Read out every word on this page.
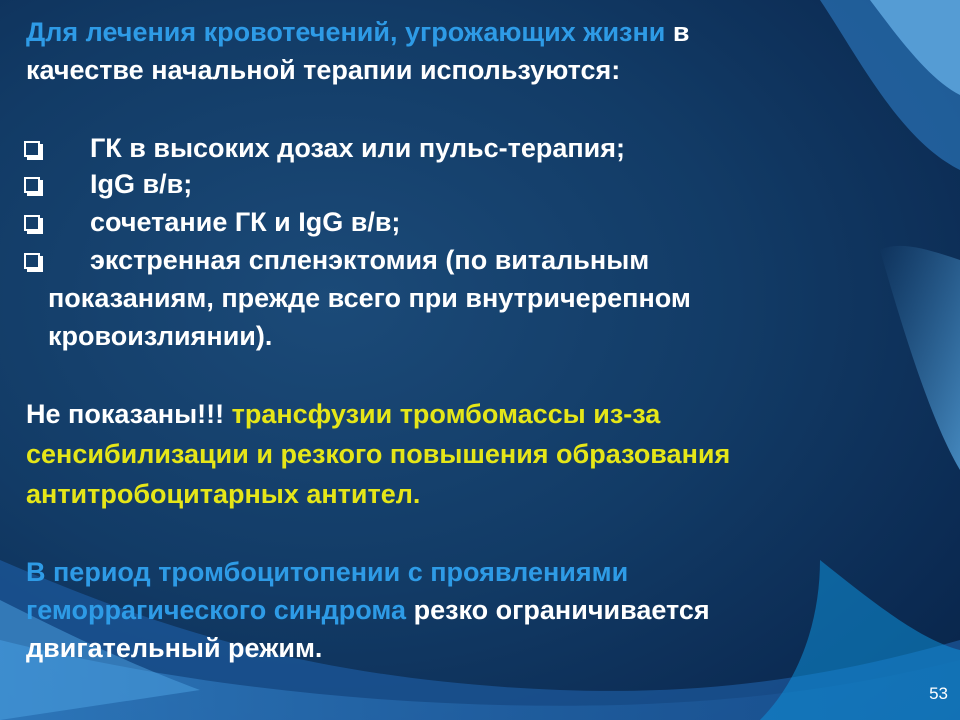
Для лечения кровотечений, угрожающих жизни в
качестве начальной терапии используются:
ГК в высоких дозах или пульс-терапия;
IgG в/в;
сочетание ГК и IgG в/в;
экстренная спленэктомия (по витальным
показаниям, прежде всего при внутричерепном
кровоизлиянии).
Не показаны!!! трансфузии тромбомассы из-за
сенсибилизации и резкого повышения образования
антитробоцитарных антител.
В период тромбоцитопении с проявлениями
геморрагического синдрома резко ограничивается
двигательный режим.
53
